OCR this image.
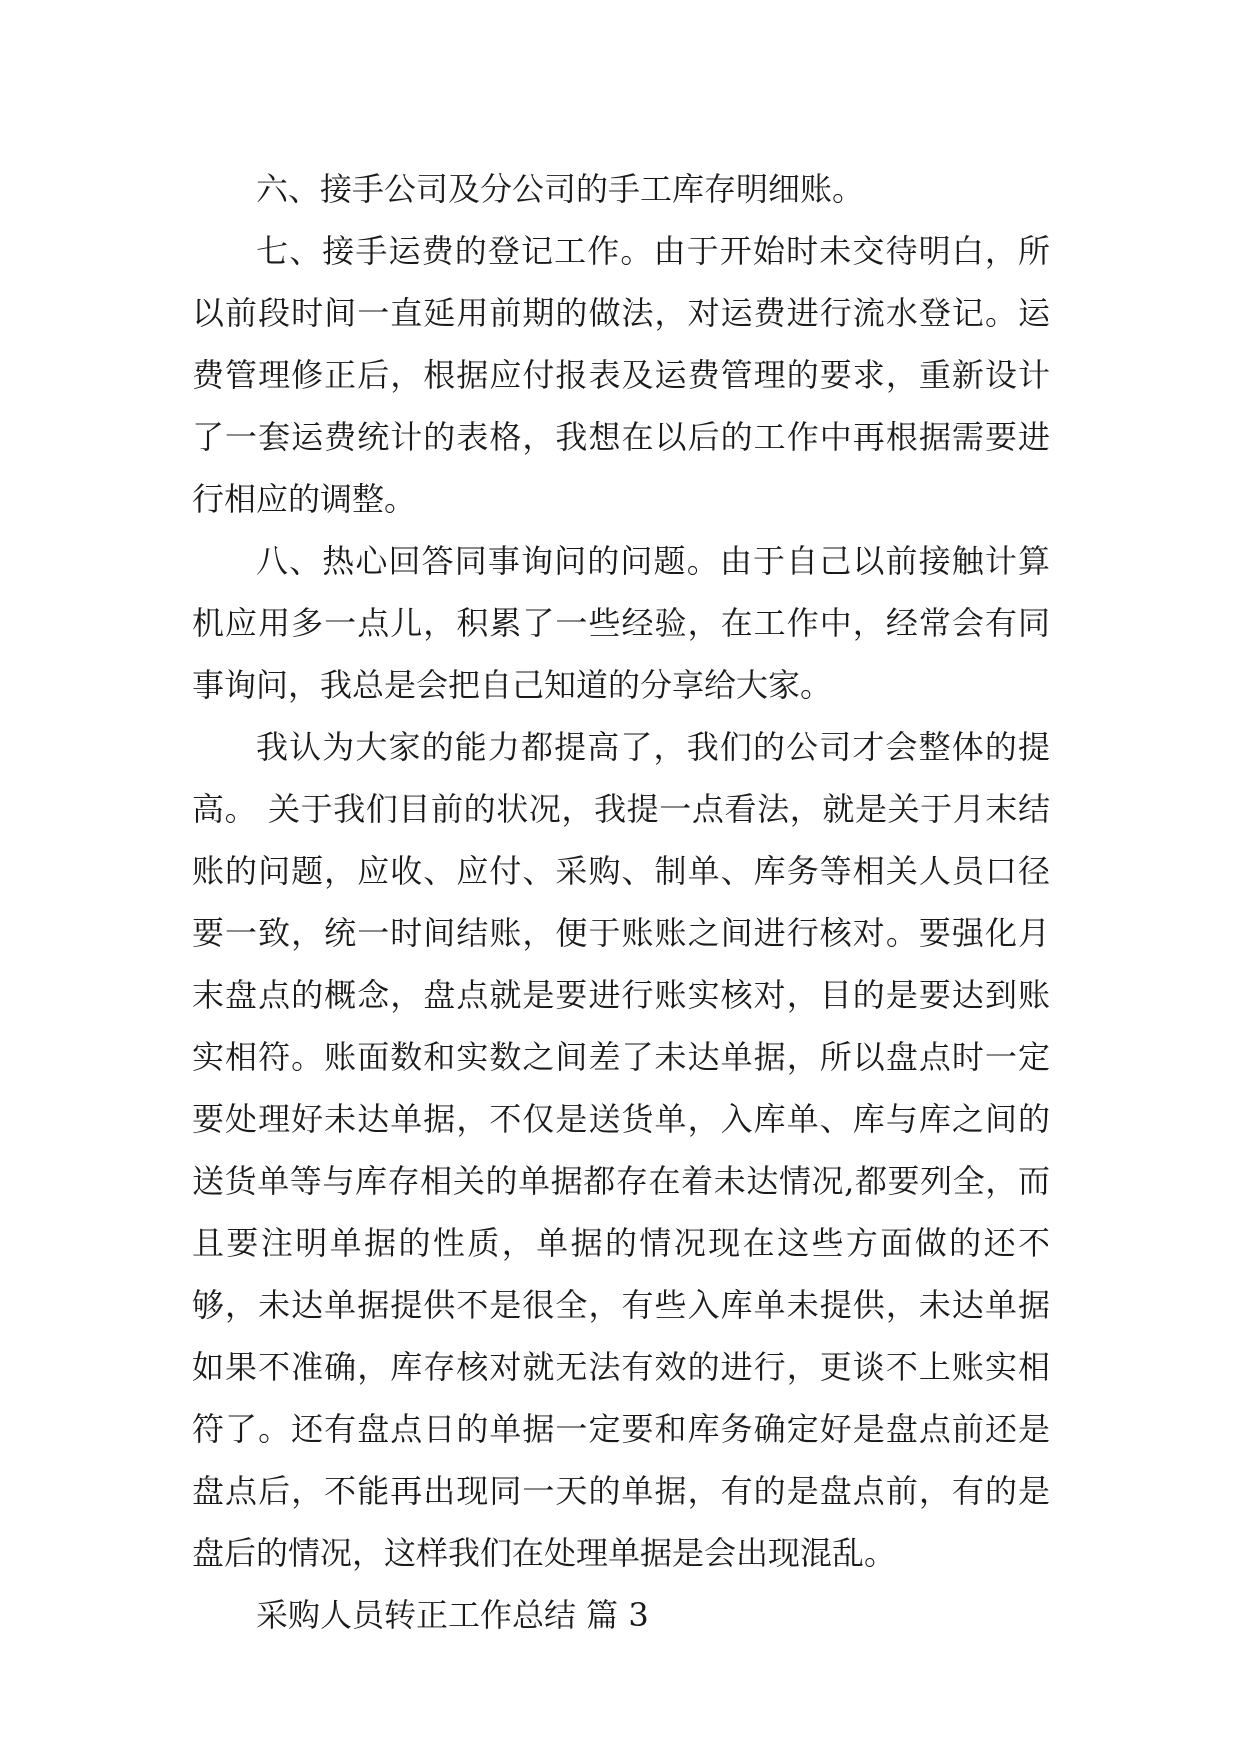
六、接手公司及分公司的手工库存明细账。

七、接手运费的登记工作。由于开始时未交待明白，所以前段时间一直延用前期的做法，对运费进行流水登记。运费管理修正后，根据应付报表及运费管理的要求，重新设计了一套运费统计的表格，我想在以后的工作中再根据需要进行相应的调整。

八、热心回答同事询问的问题。由于自己以前接触计算机应用多一点儿，积累了一些经验，在工作中，经常会有同事询问，我总是会把自己知道的分享给大家。

我认为大家的能力都提高了，我们的公司才会整体的提高。 关于我们目前的状况，我提一点看法，就是关于月末结账的问题，应收、应付、采购、制单、库务等相关人员口径要一致，统一时间结账，便于账账之间进行核对。要强化月末盘点的概念，盘点就是要进行账实核对，目的是要达到账实相符。账面数和实数之间差了未达单据，所以盘点时一定要处理好未达单据，不仅是送货单，入库单、库与库之间的送货单等与库存相关的单据都存在着未达情况,都要列全，而且要注明单据的性质，单据的情况现在这些方面做的还不够，未达单据提供不是很全，有些入库单未提供，未达单据如果不准确，库存核对就无法有效的进行，更谈不上账实相符了。还有盘点日的单据一定要和库务确定好是盘点前还是盘点后，不能再出现同一天的单据，有的是盘点前，有的是盘后的情况，这样我们在处理单据是会出现混乱。

采购人员转正工作总结 篇 3
